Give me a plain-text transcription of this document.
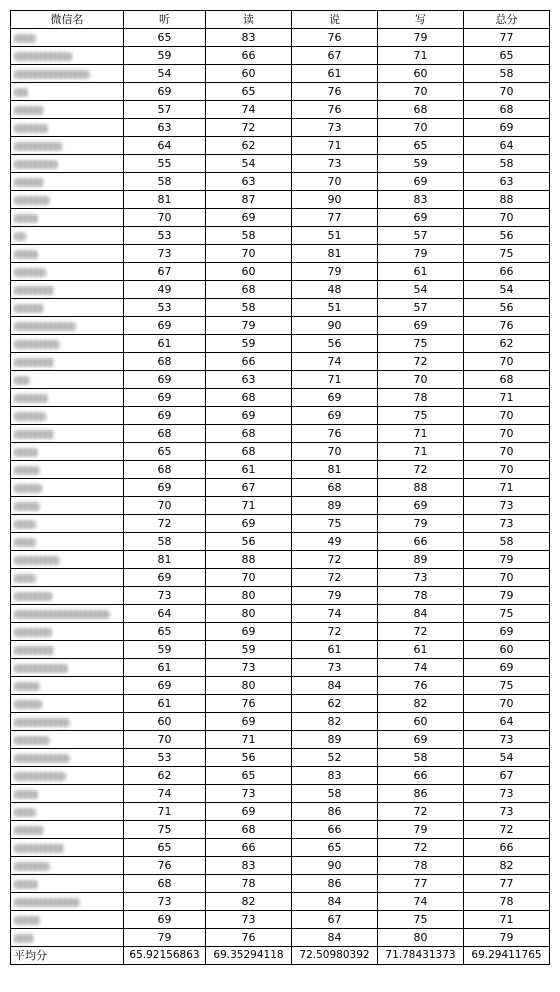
微信名	听	读	说	写	总分
	65	83	76	79	77
	59	66	67	71	65
	54	60	61	60	58
	69	65	76	70	70
	57	74	76	68	68
	63	72	73	70	69
	64	62	71	65	64
	55	54	73	59	58
	58	63	70	69	63
	81	87	90	83	88
	70	69	77	69	70
	53	58	51	57	56
	73	70	81	79	75
	67	60	79	61	66
	49	68	48	54	54
	53	58	51	57	56
	69	79	90	69	76
	61	59	56	75	62
	68	66	74	72	70
	69	63	71	70	68
	69	68	69	78	71
	69	69	69	75	70
	68	68	76	71	70
	65	68	70	71	70
	68	61	81	72	70
	69	67	68	88	71
	70	71	89	69	73
	72	69	75	79	73
	58	56	49	66	58
	81	88	72	89	79
	69	70	72	73	70
	73	80	79	78	79
	64	80	74	84	75
	65	69	72	72	69
	59	59	61	61	60
	61	73	73	74	69
	69	80	84	76	75
	61	76	62	82	70
	60	69	82	60	64
	70	71	89	69	73
	53	56	52	58	54
	62	65	83	66	67
	74	73	58	86	73
	71	69	86	72	73
	75	68	66	79	72
	65	66	65	72	66
	76	83	90	78	82
	68	78	86	77	77
	73	82	84	74	78
	69	73	67	75	71
	79	76	84	80	79
平均分	65.92156863	69.35294118	72.50980392	71.78431373	69.29411765
